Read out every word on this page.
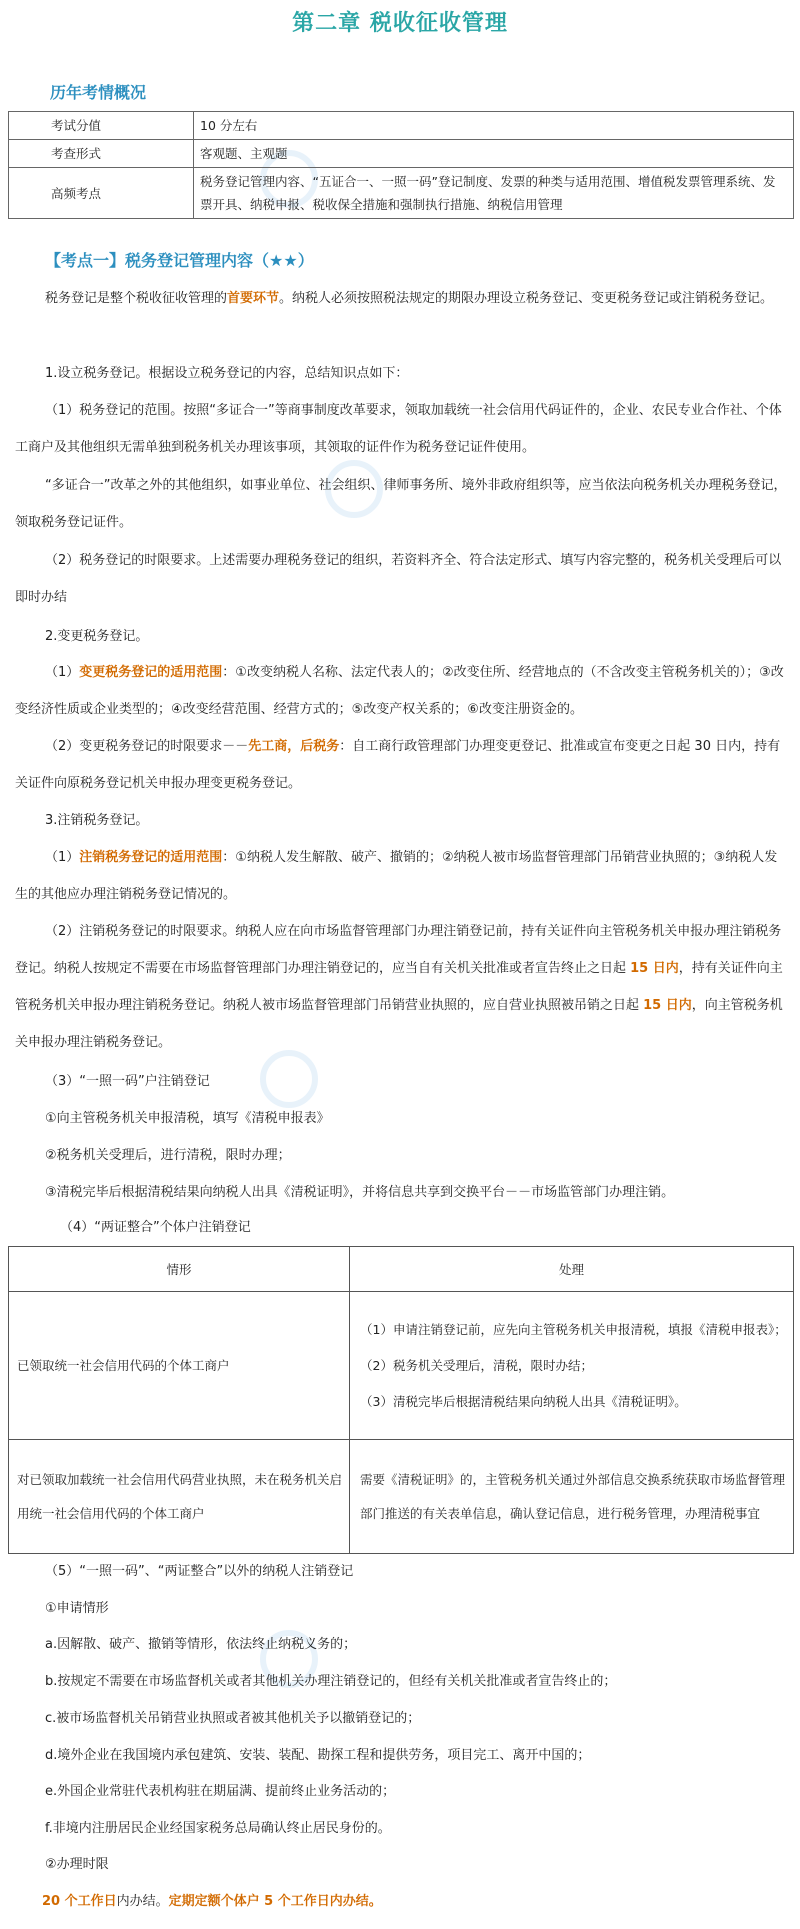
第二章 税收征收管理
历年考情概况
考试分值	10 分左右
考查形式	客观题、主观题
高频考点	税务登记管理内容、“五证合一、一照一码”登记制度、发票的种类与适用范围、增值税发票管理系统、发票开具、纳税申报、税收保全措施和强制执行措施、纳税信用管理
【考点一】税务登记管理内容（★★）

税务登记是整个税收征收管理的首要环节。纳税人必须按照税法规定的期限办理设立税务登记、变更税务登记或注销税务登记。

1.设立税务登记。根据设立税务登记的内容，总结知识点如下：

（1）税务登记的范围。按照“多证合一”等商事制度改革要求，领取加载统一社会信用代码证件的，企业、农民专业合作社、个体工商户及其他组织无需单独到税务机关办理该事项，其领取的证件作为税务登记证件使用。

“多证合一”改革之外的其他组织，如事业单位、社会组织、律师事务所、境外非政府组织等，应当依法向税务机关办理税务登记，领取税务登记证件。

（2）税务登记的时限要求。上述需要办理税务登记的组织，若资料齐全、符合法定形式、填写内容完整的，税务机关受理后可以即时办结

2.变更税务登记。

（1）变更税务登记的适用范围：①改变纳税人名称、法定代表人的；②改变住所、经营地点的（不含改变主管税务机关的）；③改变经济性质或企业类型的；④改变经营范围、经营方式的；⑤改变产权关系的；⑥改变注册资金的。

（2）变更税务登记的时限要求－－先工商，后税务：自工商行政管理部门办理变更登记、批准或宣布变更之日起 30 日内，持有关证件向原税务登记机关申报办理变更税务登记。

3.注销税务登记。

（1）注销税务登记的适用范围：①纳税人发生解散、破产、撤销的；②纳税人被市场监督管理部门吊销营业执照的；③纳税人发生的其他应办理注销税务登记情况的。

（2）注销税务登记的时限要求。纳税人应在向市场监督管理部门办理注销登记前，持有关证件向主管税务机关申报办理注销税务登记。纳税人按规定不需要在市场监督管理部门办理注销登记的，应当自有关机关批准或者宣告终止之日起 15 日内，持有关证件向主管税务机关申报办理注销税务登记。纳税人被市场监督管理部门吊销营业执照的，应自营业执照被吊销之日起 15 日内，向主管税务机关申报办理注销税务登记。

（3）“一照一码”户注销登记

①向主管税务机关申报清税，填写《清税申报表》

②税务机关受理后，进行清税，限时办理；

③清税完毕后根据清税结果向纳税人出具《清税证明》，并将信息共享到交换平台－－市场监管部门办理注销。

（4）“两证整合”个体户注销登记

情形	处理
已领取统一社会信用代码的个体工商户	（1）申请注销登记前，应先向主管税务机关申报清税，填报《清税申报表》；
（2）税务机关受理后，清税，限时办结；
（3）清税完毕后根据清税结果向纳税人出具《清税证明》。

对已领取加载统一社会信用代码营业执照，未在税务机关启用统一社会信用代码的个体工商户	需要《清税证明》的，主管税务机关通过外部信息交换系统获取市场监督管理部门推送的有关表单信息，确认登记信息，进行税务管理，办理清税事宜

（5）“一照一码”、“两证整合”以外的纳税人注销登记

①申请情形

a.因解散、破产、撤销等情形，依法终止纳税义务的；

b.按规定不需要在市场监督机关或者其他机关办理注销登记的，但经有关机关批准或者宣告终止的；

c.被市场监督机关吊销营业执照或者被其他机关予以撤销登记的；

d.境外企业在我国境内承包建筑、安装、装配、勘探工程和提供劳务，项目完工、离开中国的；

e.外国企业常驻代表机构驻在期届满、提前终止业务活动的；

f.非境内注册居民企业经国家税务总局确认终止居民身份的。

②办理时限

20 个工作日内办结。定期定额个体户 5 个工作日内办结。
